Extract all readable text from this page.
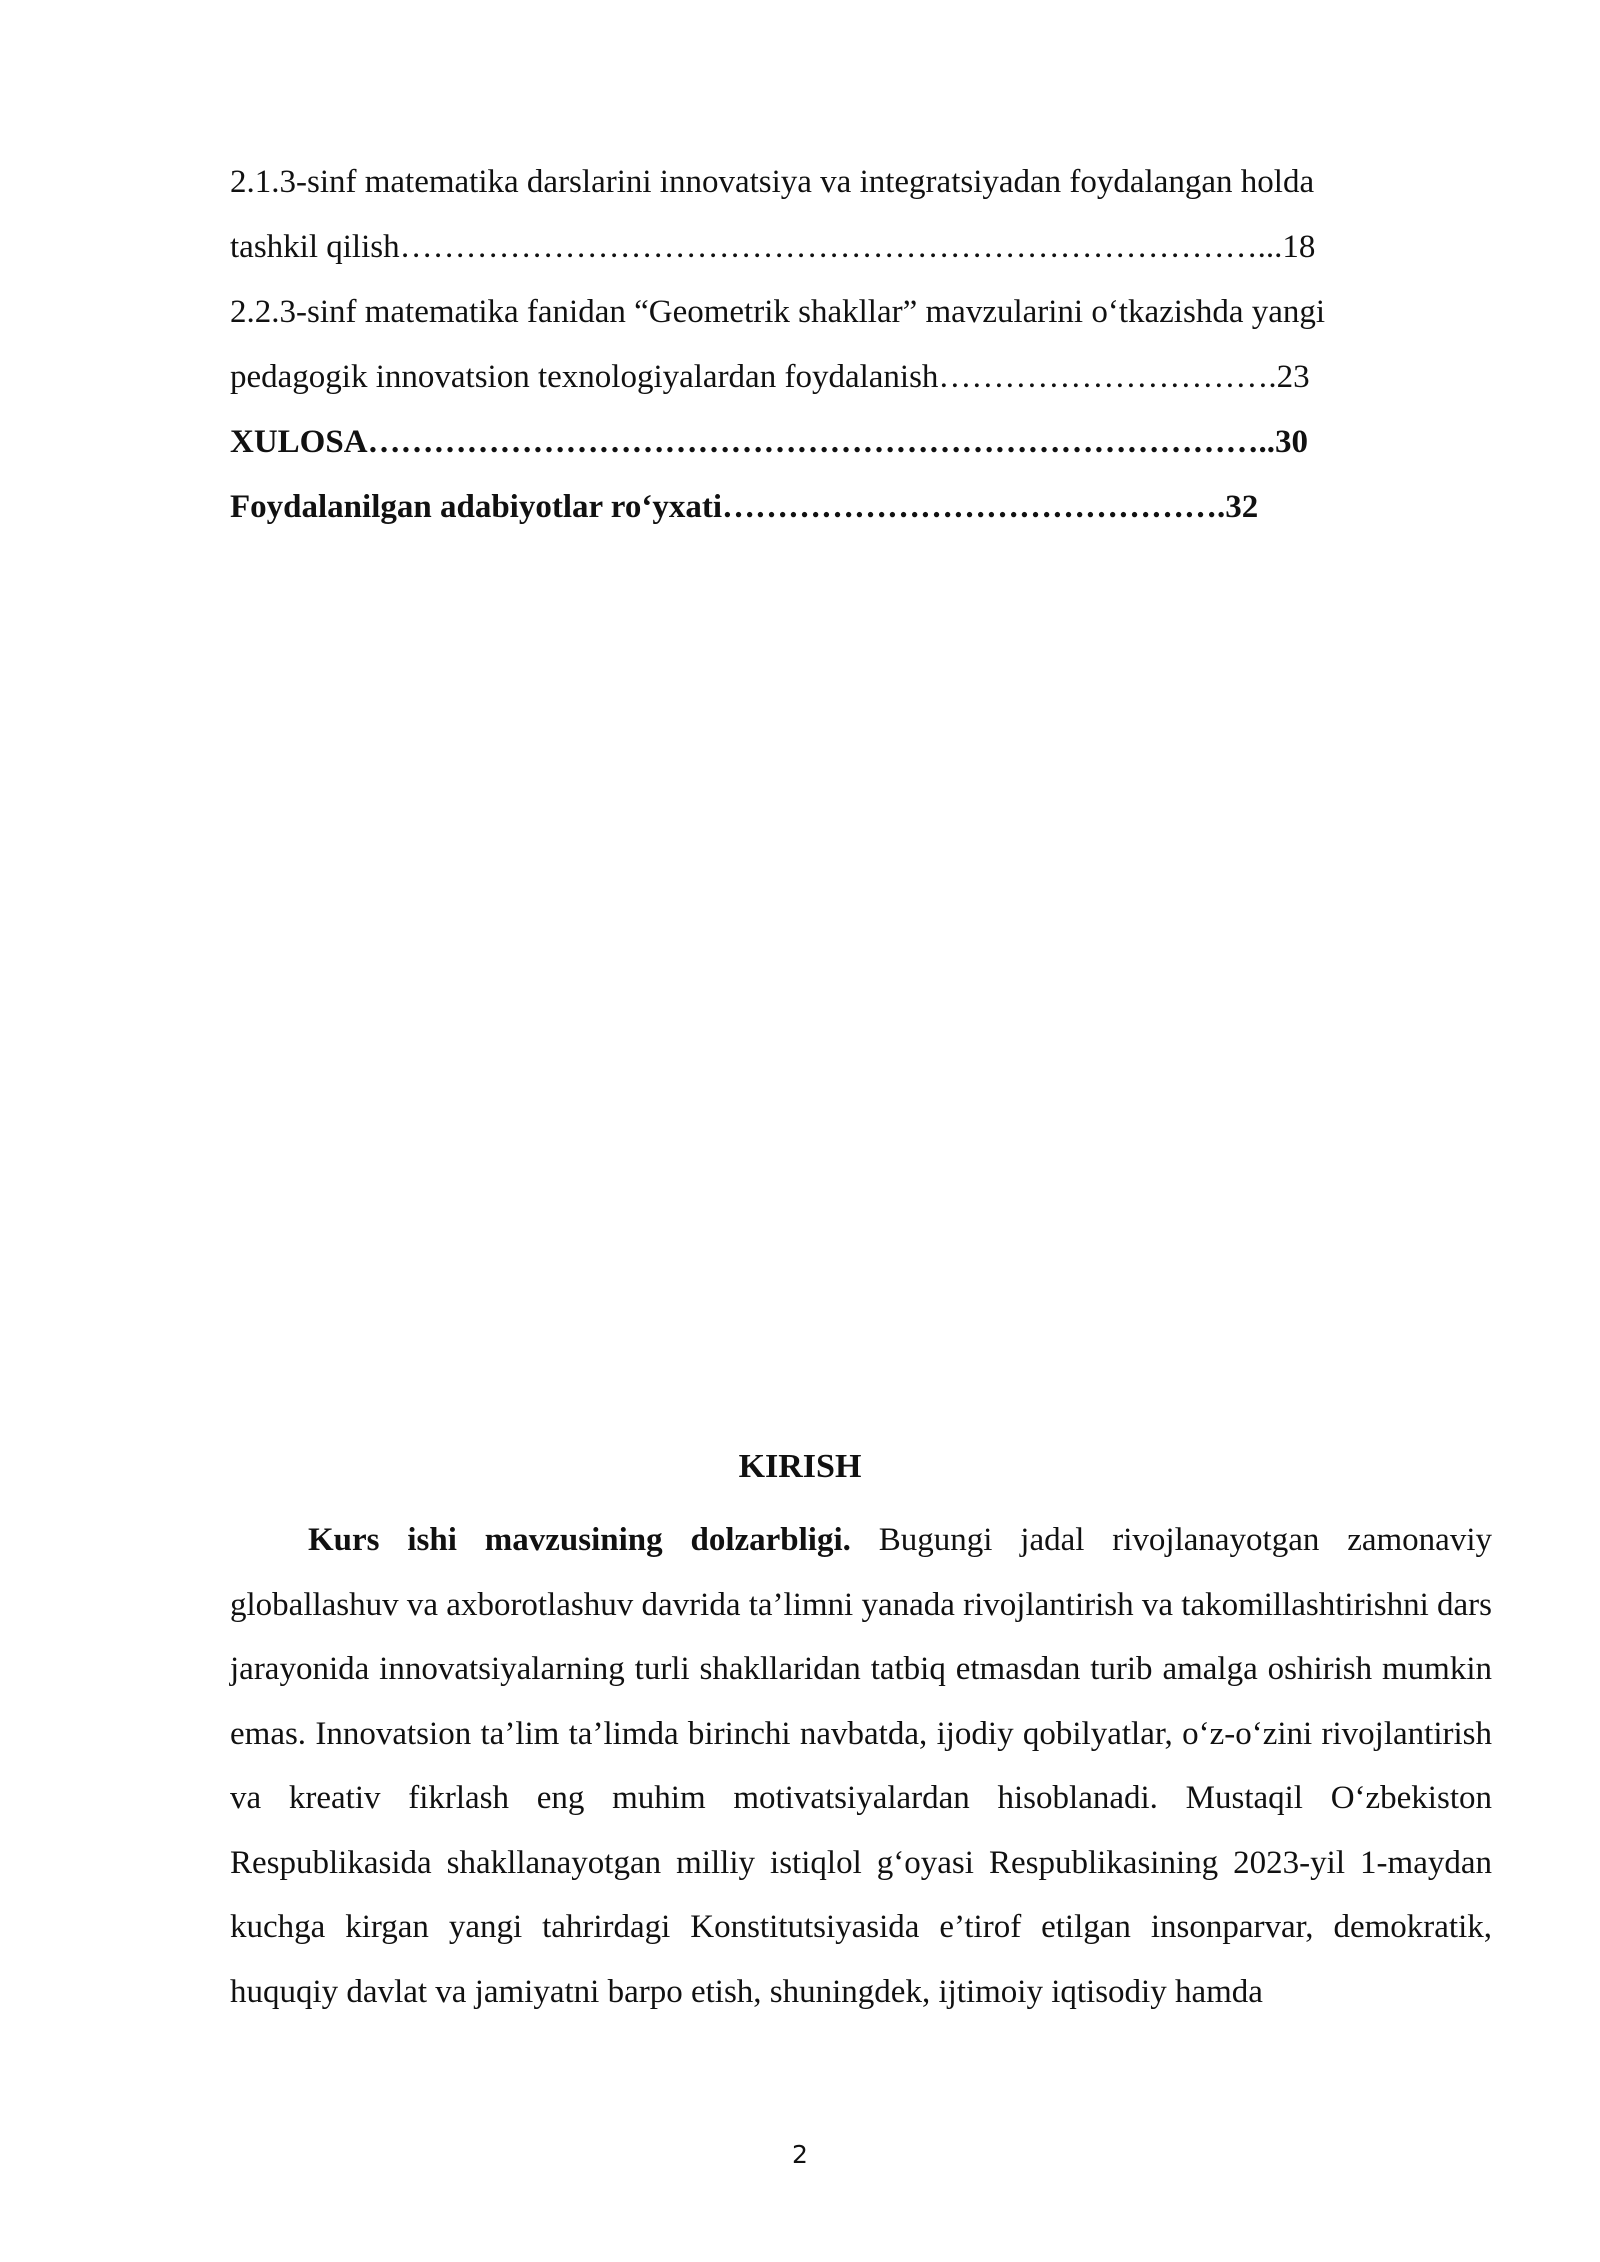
2.1.3-sinf matematika darslarini innovatsiya va integratsiyadan foydalangan holda

tashkil qilish……………………………………………………………………...18

2.2.3-sinf matematika fanidan “Geometrik shakllar” mavzularini o‘tkazishda yangi

pedagogik innovatsion texnologiyalardan foydalanish………………………….23

XULOSA………………………………………………………………………..30

Foydalanilgan adabiyotlar ro‘yxati……………………………………….32

KIRISH

Kurs ishi mavzusining dolzarbligi. Bugungi jadal rivojlanayotgan zamonaviy globallashuv va axborotlashuv davrida ta’limni yanada rivojlantirish va takomillashtirishni dars jarayonida innovatsiyalarning turli shakllaridan tatbiq etmasdan turib amalga oshirish mumkin emas. Innovatsion ta’lim ta’limda birinchi navbatda, ijodiy qobilyatlar, o‘z-o‘zini rivojlantirish va kreativ fikrlash eng muhim motivatsiyalardan hisoblanadi. Mustaqil O‘zbekiston Respublikasida shakllanayotgan milliy istiqlol g‘oyasi Respublikasining 2023-yil 1-maydan kuchga kirgan yangi tahrirdagi Konstitutsiyasida e’tirof etilgan insonparvar, demokratik, huquqiy davlat va jamiyatni barpo etish, shuningdek, ijtimoiy iqtisodiy hamda

2
